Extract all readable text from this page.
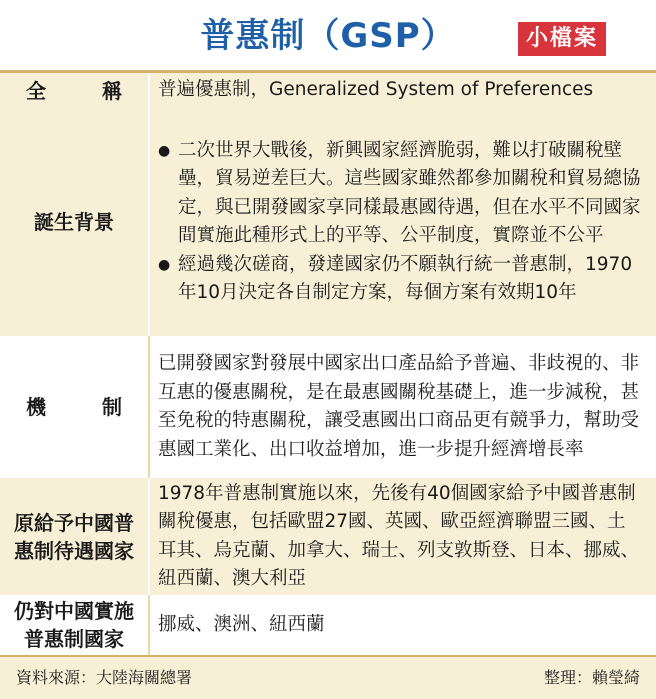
普惠制（GSP）	小檔案
全　稱 普遍優惠制，Generalized System of Preferences
誕生背景
● 二次世界大戰後，新興國家經濟脆弱，難以打破關稅壁壘，貿易逆差巨大。這些國家雖然都參加關稅和貿易總協定，與已開發國家享同樣最惠國待遇，但在水平不同國家間實施此種形式上的平等、公平制度，實際並不公平
● 經過幾次磋商，發達國家仍不願執行統一普惠制，1970年10月決定各自制定方案，每個方案有效期10年
機　制
已開發國家對發展中國家出口產品給予普遍、非歧視的、非互惠的優惠關稅，是在最惠國關稅基礎上，進一步減稅，甚至免稅的特惠關稅，讓受惠國出口商品更有競爭力，幫助受惠國工業化、出口收益增加，進一步提升經濟增長率
原給予中國普惠制待遇國家
1978年普惠制實施以來，先後有40個國家給予中國普惠制關稅優惠，包括歐盟27國、英國、歐亞經濟聯盟三國、土耳其、烏克蘭、加拿大、瑞士、列支敦斯登、日本、挪威、紐西蘭、澳大利亞
仍對中國實施普惠制國家
挪威、澳洲、紐西蘭
資料來源：大陸海關總署	整理：賴瑩綺
